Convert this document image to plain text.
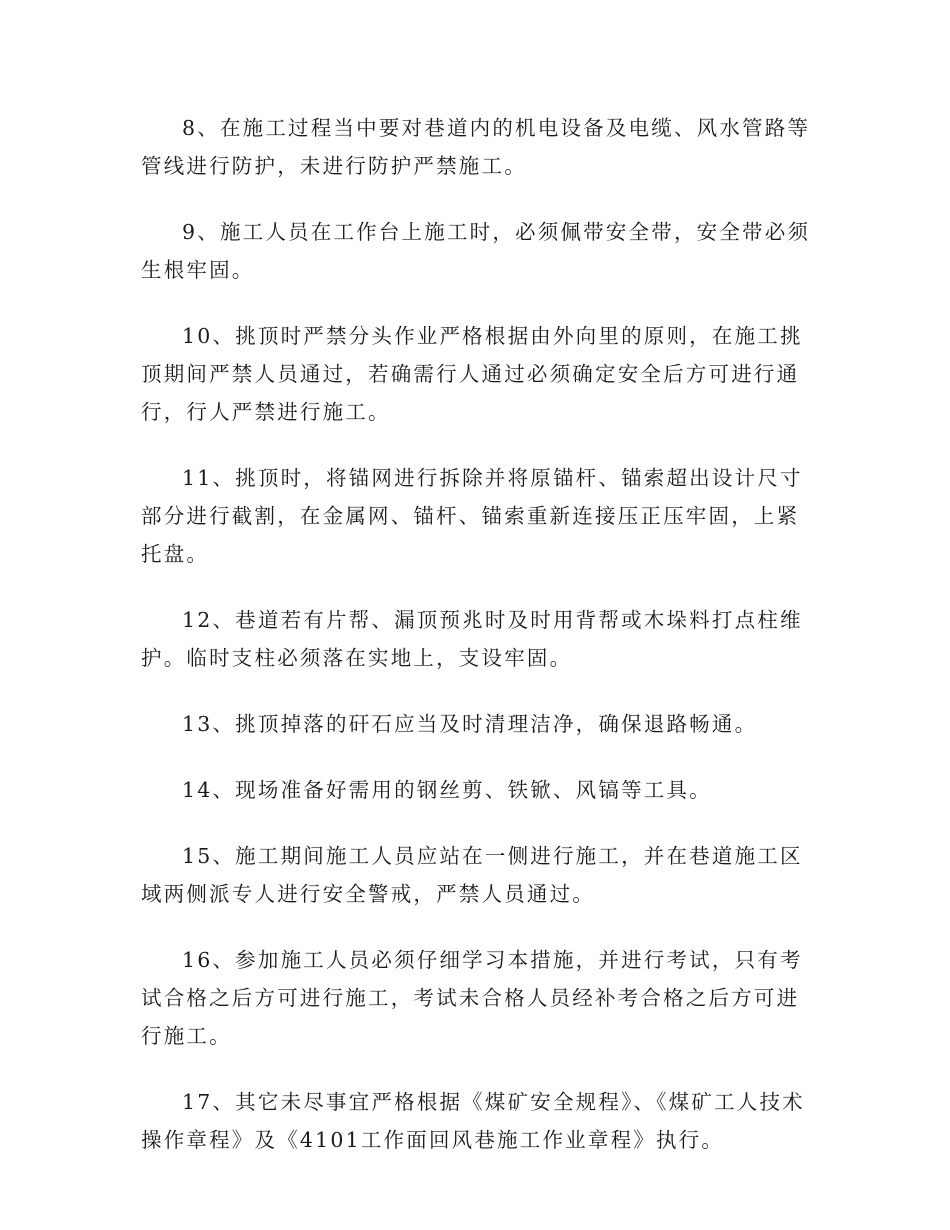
8、在施工过程当中要对巷道内的机电设备及电缆、风水管路等管线进行防护，未进行防护严禁施工。

9、施工人员在工作台上施工时，必须佩带安全带，安全带必须生根牢固。

10、挑顶时严禁分头作业严格根据由外向里的原则，在施工挑顶期间严禁人员通过，若确需行人通过必须确定安全后方可进行通行，行人严禁进行施工。

11、挑顶时，将锚网进行拆除并将原锚杆、锚索超出设计尺寸部分进行截割，在金属网、锚杆、锚索重新连接压正压牢固，上紧托盘。

12、巷道若有片帮、漏顶预兆时及时用背帮或木垛料打点柱维护。临时支柱必须落在实地上，支设牢固。

13、挑顶掉落的矸石应当及时清理洁净，确保退路畅通。

14、现场准备好需用的钢丝剪、铁锨、风镐等工具。

15、施工期间施工人员应站在一侧进行施工，并在巷道施工区域两侧派专人进行安全警戒，严禁人员通过。

16、参加施工人员必须仔细学习本措施，并进行考试，只有考试合格之后方可进行施工，考试未合格人员经补考合格之后方可进行施工。

17、其它未尽事宜严格根据《煤矿安全规程》、《煤矿工人技术操作章程》及《4101工作面回风巷施工作业章程》执行。
